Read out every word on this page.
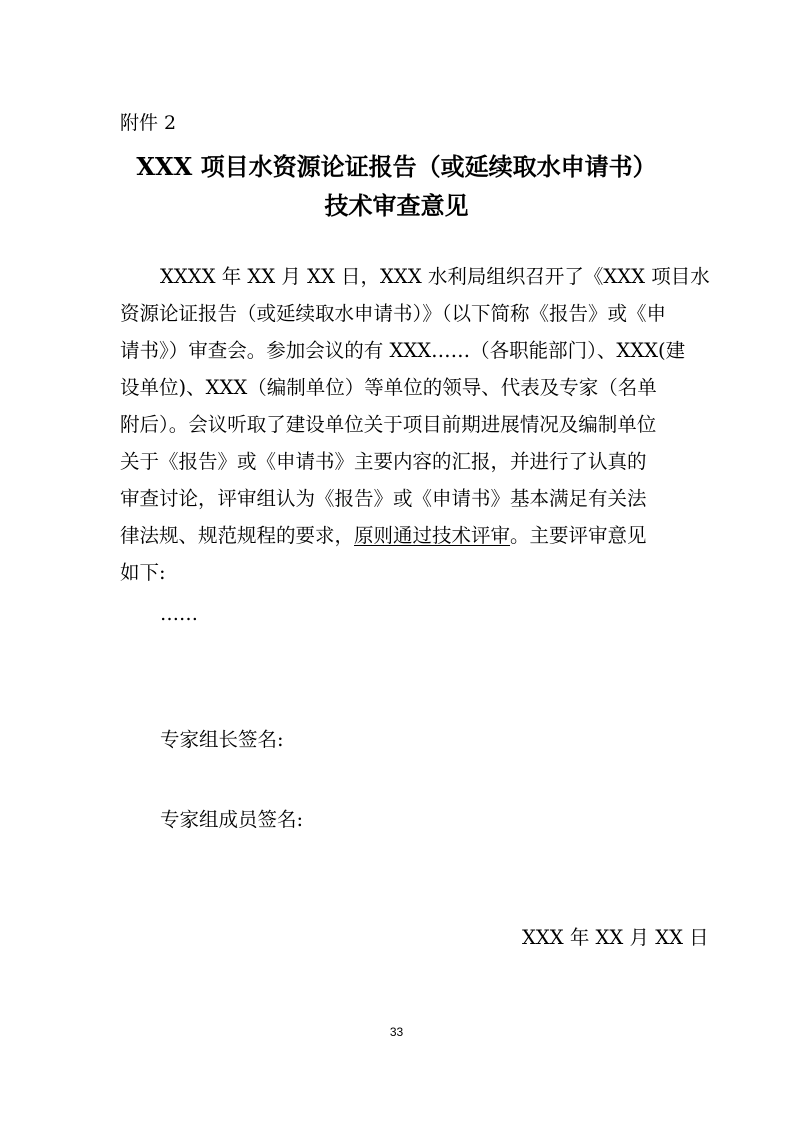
附件 2
XXX 项目水资源论证报告（或延续取水申请书）
技术审查意见
XXXX 年 XX 月 XX 日，XXX 水利局组织召开了《XXX 项目水
资源论证报告（或延续取水申请书）》（以下简称《报告》或《申
请书》）审查会。参加会议的有 XXX……（各职能部门）、XXX(建
设单位)、XXX（编制单位）等单位的领导、代表及专家（名单
附后）。会议听取了建设单位关于项目前期进展情况及编制单位
关于《报告》或《申请书》主要内容的汇报，并进行了认真的
审查讨论，评审组认为《报告》或《申请书》基本满足有关法
律法规、规范规程的要求，原则通过技术评审。主要评审意见
如下:
……
专家组长签名:
专家组成员签名:
XXX 年 XX 月 XX 日
33
